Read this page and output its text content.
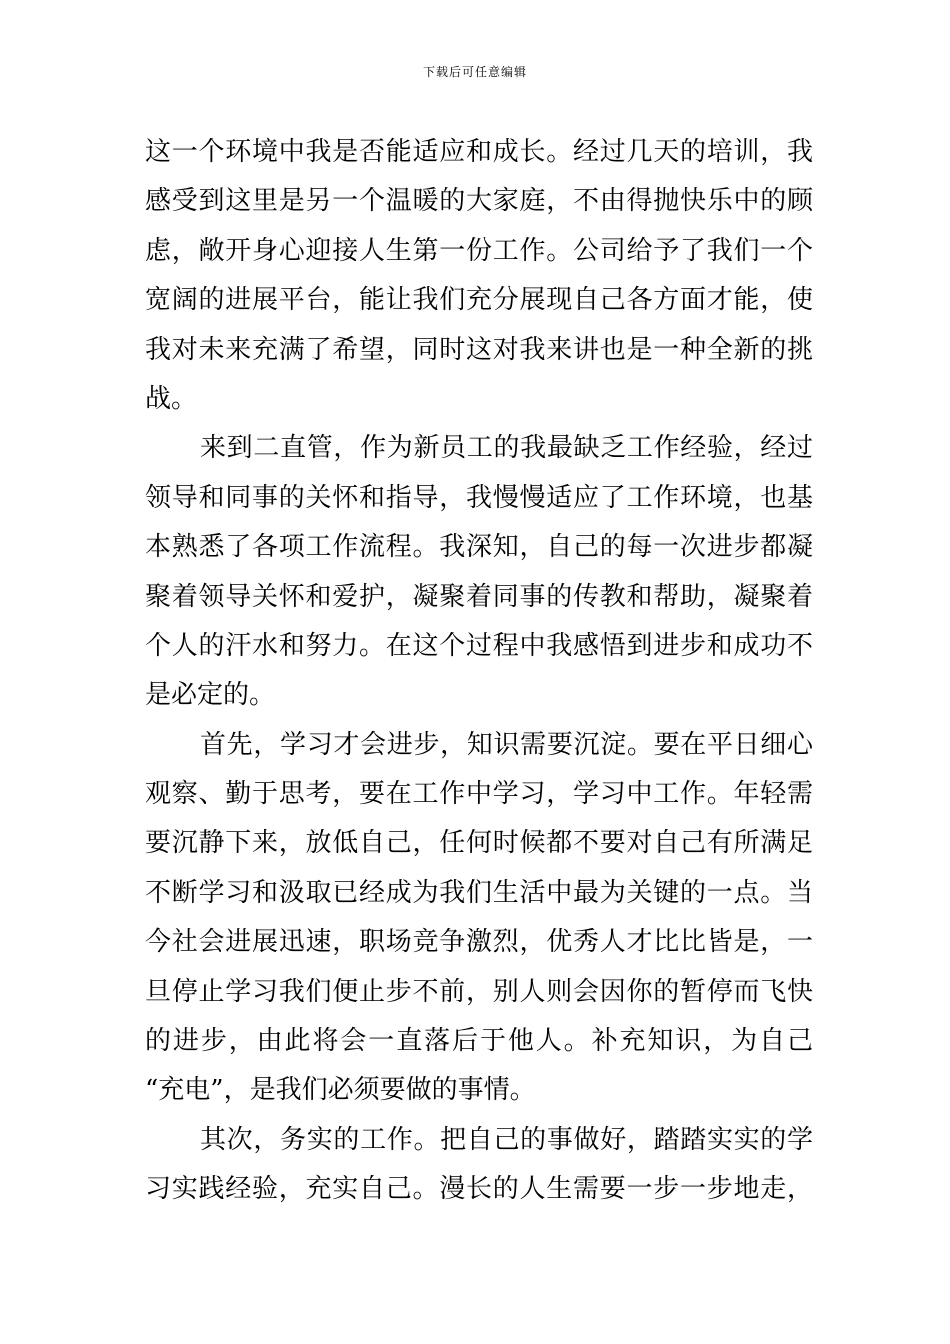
下载后可任意编辑
这一个环境中我是否能适应和成长。经过几天的培训，我
感受到这里是另一个温暖的大家庭，不由得抛快乐中的顾
虑，敞开身心迎接人生第一份工作。公司给予了我们一个
宽阔的进展平台，能让我们充分展现自己各方面才能，使
我对未来充满了希望，同时这对我来讲也是一种全新的挑
战。
来到二直管，作为新员工的我最缺乏工作经验，经过
领导和同事的关怀和指导，我慢慢适应了工作环境，也基
本熟悉了各项工作流程。我深知，自己的每一次进步都凝
聚着领导关怀和爱护，凝聚着同事的传教和帮助，凝聚着
个人的汗水和努力。在这个过程中我感悟到进步和成功不
是必定的。
首先，学习才会进步，知识需要沉淀。要在平日细心
观察、勤于思考，要在工作中学习，学习中工作。年轻需
要沉静下来，放低自己，任何时候都不要对自己有所满足
不断学习和汲取已经成为我们生活中最为关键的一点。当
今社会进展迅速，职场竞争激烈，优秀人才比比皆是，一
旦停止学习我们便止步不前，别人则会因你的暂停而飞快
的进步，由此将会一直落后于他人。补充知识，为自己
“充电”，是我们必须要做的事情。
其次，务实的工作。把自己的事做好，踏踏实实的学
习实践经验，充实自己。漫长的人生需要一步一步地走，
